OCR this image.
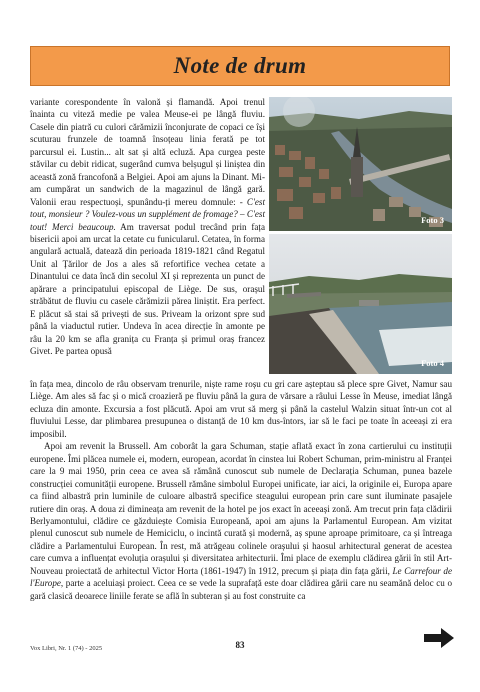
Note de drum

variante corespondente în valonă și flamandă. Apoi trenul înainta cu viteză medie pe valea Meuse-ei pe lângă fluviu. Casele din piatră cu culori cărămizii înconjurate de copaci ce își scuturau frunzele de toamnă însoțeau linia ferată pe tot parcursul ei. Lustin... alt sat și altă ecluză. Apa curgea peste stăvilar cu debit ridicat, sugerând cumva belșugul și liniștea din această zonă francofonă a Belgiei. Apoi am ajuns la Dinant. Mi-am cumpărat un sandwich de la magazinul de lângă gară. Valonii erau respectuoși, spunându-ți mereu domnule: - C'est tout, monsieur ? Voulez-vous un supplément de fromage? – C'est tout! Merci beaucoup. Am traversat podul trecând prin fața bisericii apoi am urcat la cetate cu funicularul. Cetatea, în forma angulară actuală, datează din perioada 1819-1821 când Regatul Unit al Țărilor de Jos a ales să refortifice vechea cetate a Dinantului ce data încă din secolul XI și reprezenta un punct de apărare a principatului episcopal de Liège. De sus, orașul străbătut de fluviu cu casele cărămizii părea liniștit. Era perfect. E plăcut să stai să privești de sus. Priveam la orizont spre sud până la viaductul rutier. Undeva în acea direcție în amonte pe râu la 20 km se afla granița cu Franța și primul oraș francez Givet. Pe partea opusă

Foto 3
Foto 4

în fața mea, dincolo de râu observam trenurile, niște rame roșu cu gri care așteptau să plece spre Givet, Namur sau Liège. Am ales să fac și o mică croazieră pe fluviu până la gura de vărsare a râului Lesse în Meuse, imediat lângă ecluza din amonte. Excursia a fost plăcută. Apoi am vrut să merg și până la castelul Walzin situat într-un cot al fluviului Lesse, dar plimbarea presupunea o distanță de 10 km dus-întors, iar să le faci pe toate în aceeași zi era imposibil.

Apoi am revenit la Brussell. Am coborât la gara Schuman, stație aflată exact în zona cartierului cu instituții europene. Îmi plăcea numele ei, modern, european, acordat în cinstea lui Robert Schuman, prim-ministru al Franței care la 9 mai 1950, prin ceea ce avea să rămână cunoscut sub numele de Declarația Schuman, punea bazele construcției comunității europene. Brussell rămâne simbolul Europei unificate, iar aici, la originile ei, Europa apare ca fiind albastră prin luminile de culoare albastră specifice steagului european prin care sunt iluminate pasajele rutiere din oraș. A doua zi dimineața am revenit de la hotel pe jos exact în aceeași zonă. Am trecut prin fața clădirii Berlyamontului, clădire ce găzduiește Comisia Europeană, apoi am ajuns la Parlamentul European. Am vizitat plenul cunoscut sub numele de Hemiciclu, o incintă curată și modernă, aș spune aproape primitoare, ca și întreaga clădire a Parlamentului European. În rest, mă atrăgeau colinele orașului și haosul arhitectural generat de acestea care cumva a influențat evoluția orașului și diversitatea arhitecturii. Îmi place de exemplu clădirea gării în stil Art-Nouveau proiectată de arhitectul Victor Horta (1861-1947) în 1912, precum și piața din fața gării, Le Carrefour de l'Europe, parte a aceluiași proiect. Ceea ce se vede la suprafață este doar clădirea gării care nu seamănă deloc cu o gară clasică deoarece liniile ferate se află în subteran și au fost construite ca

Vox Libri, Nr. 1 (74) - 2025	83
